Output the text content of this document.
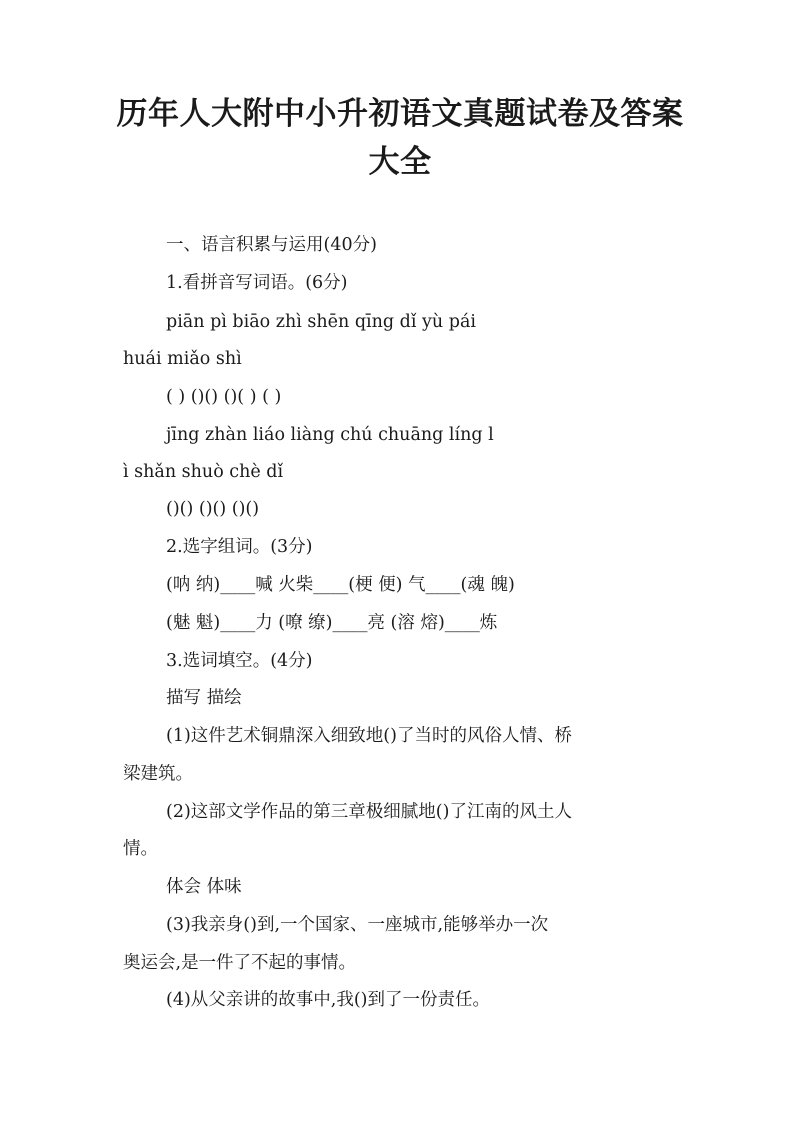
历年人大附中小升初语文真题试卷及答案
大全
一、语言积累与运用(40分)
1.看拼音写词语。(6分)
piān pì biāo zhì shēn qīng dǐ yù pái
huái miǎo shì
( ) ()() ()( ) ( )
jīng zhàn liáo liàng chú chuāng líng l
ì shǎn shuò chè dǐ
()() ()() ()()
2.选字组词。(3分)
(呐 纳)____喊 火柴____(梗 便) 气____(魂 魄)
(魅 魁)____力 (嘹 缭)____亮 (溶 熔)____炼
3.选词填空。(4分)
描写 描绘
(1)这件艺术铜鼎深入细致地()了当时的风俗人情、桥
梁建筑。
(2)这部文学作品的第三章极细腻地()了江南的风土人
情。
体会 体味
(3)我亲身()到,一个国家、一座城市,能够举办一次
奥运会,是一件了不起的事情。
(4)从父亲讲的故事中,我()到了一份责任。
